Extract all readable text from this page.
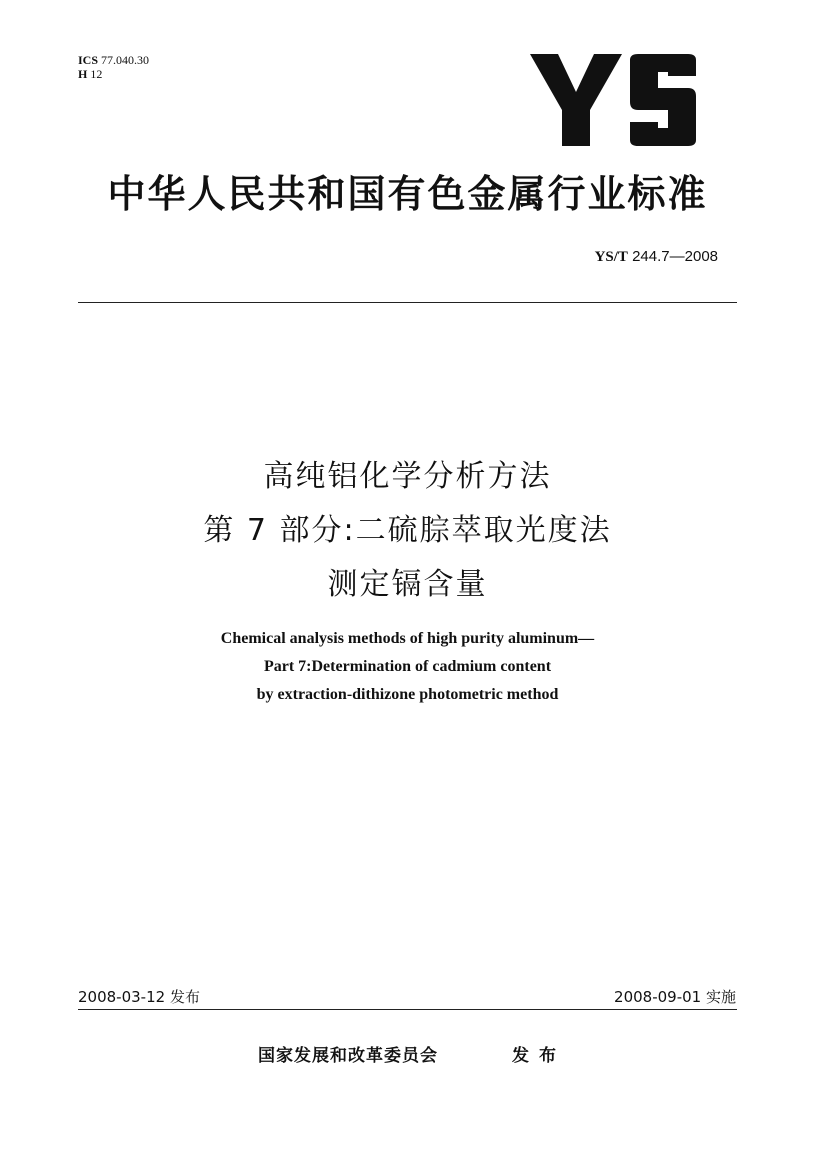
ICS 77.040.30
H 12
中华人民共和国有色金属行业标准
YS/T 244.7—2008
高纯铝化学分析方法
第 7 部分:二硫腙萃取光度法
测定镉含量
Chemical analysis methods of high purity aluminum—
Part 7:Determination of cadmium content
by extraction-dithizone photometric method
2008-03-12 发布	2008-09-01 实施
国家发展和改革委员会	发布
